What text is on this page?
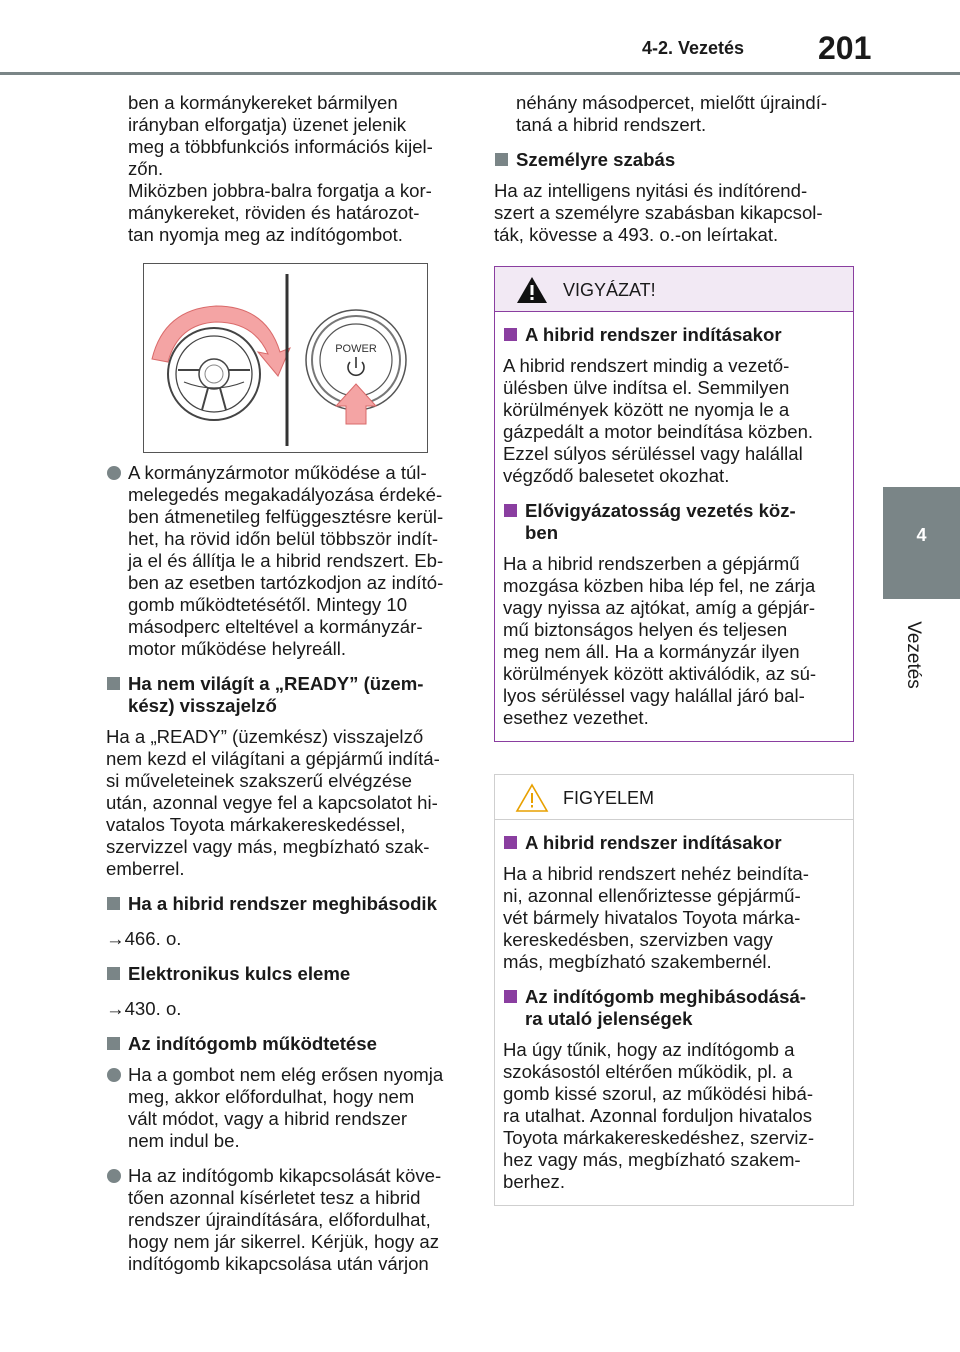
4-2. Vezetés 201
4
Vezetés

ben a kormánykereket bármilyen

irányban elforgatja) üzenet jelenik

meg a többfunkciós információs kijel-

zőn.

Miközben jobbra-balra forgatja a kor-

mánykereket, röviden és határozot-

tan nyomja meg az indítógombot.

POWER

A kormányzármotor működése a túl-

melegedés megakadályozása érdeké-

ben átmenetileg felfüggesztésre kerül-

het, ha rövid időn belül többször indít-

ja el és állítja le a hibrid rendszert. Eb-

ben az esetben tartózkodjon az indító-

gomb működtetésétől. Mintegy 10

másodperc elteltével a kormányzár-

motor működése helyreáll.

Ha nem világít a „READY” (üzem-

kész) visszajelző

Ha a „READY” (üzemkész) visszajelző

nem kezd el világítani a gépjármű indítá-

si műveleteinek szakszerű elvégzése

után, azonnal vegye fel a kapcsolatot hi-

vatalos Toyota márkakereskedéssel,

szervizzel vagy más, megbízható szak-

emberrel.

Ha a hibrid rendszer meghibásodik

→466. o.

Elektronikus kulcs eleme

→430. o.

Az indítógomb működtetése

Ha a gombot nem elég erősen nyomja

meg, akkor előfordulhat, hogy nem

vált módot, vagy a hibrid rendszer

nem indul be.

Ha az indítógomb kikapcsolását köve-

tően azonnal kísérletet tesz a hibrid

rendszer újraindítására, előfordulhat,

hogy nem jár sikerrel. Kérjük, hogy az

indítógomb kikapcsolása után várjon

néhány másodpercet, mielőtt újraindí-

taná a hibrid rendszert.

Személyre szabás

Ha az intelligens nyitási és indítórend-

szert a személyre szabásban kikapcsol-

ták, kövesse a 493. o.-on leírtakat.

VIGYÁZAT!

A hibrid rendszer indításakor

A hibrid rendszert mindig a vezető-

ülésben ülve indítsa el. Semmilyen

körülmények között ne nyomja le a

gázpedált a motor beindítása közben.

Ezzel súlyos sérüléssel vagy halállal

végződő balesetet okozhat.

Elővigyázatosság vezetés köz-

ben

Ha a hibrid rendszerben a gépjármű

mozgása közben hiba lép fel, ne zárja

vagy nyissa az ajtókat, amíg a gépjár-

mű biztonságos helyen és teljesen

meg nem áll. Ha a kormányzár ilyen

körülmények között aktiválódik, az sú-

lyos sérüléssel vagy halállal járó bal-

esethez vezethet.

FIGYELEM

A hibrid rendszer indításakor

Ha a hibrid rendszert nehéz beindíta-

ni, azonnal ellenőriztesse gépjármű-

vét bármely hivatalos Toyota márka-

kereskedésben, szervizben vagy

más, megbízható szakembernél.

Az indítógomb meghibásodásá-

ra utaló jelenségek

Ha úgy tűnik, hogy az indítógomb a

szokásostól eltérően működik, pl. a

gomb kissé szorul, az működési hibá-

ra utalhat. Azonnal forduljon hivatalos

Toyota márkakereskedéshez, szerviz-

hez vagy más, megbízható szakem-

berhez.
